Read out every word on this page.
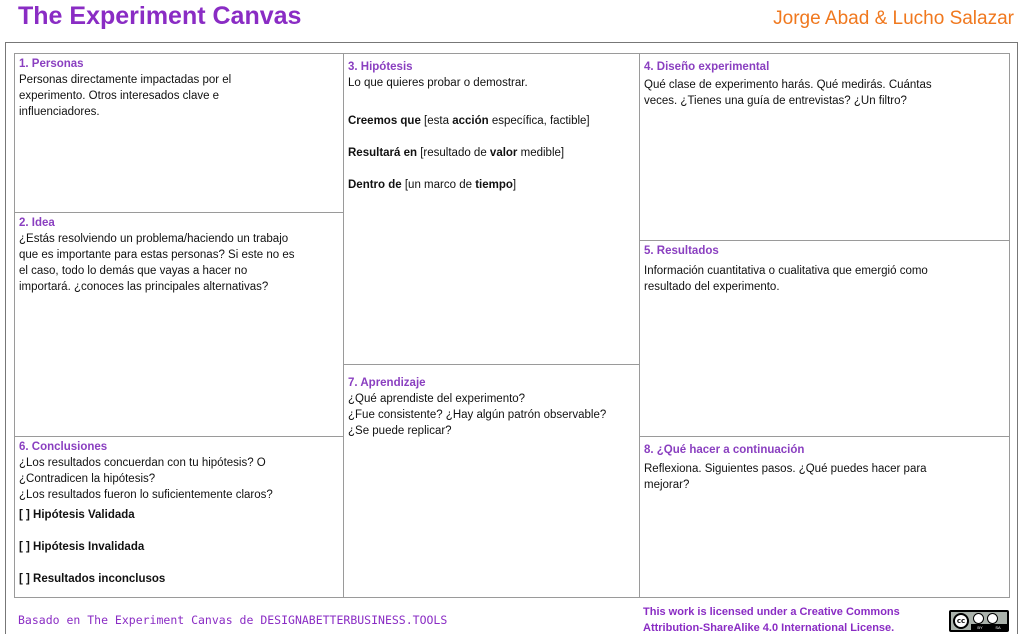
The Experiment Canvas	Jorge Abad & Lucho Salazar
1. Personas
Personas directamente impactadas por el
experimento. Otros interesados clave e
influenciadores.
2. Idea
¿Estás resolviendo un problema/haciendo un trabajo
que es importante para estas personas? Si este no es
el caso, todo lo demás que vayas a hacer no
importará. ¿conoces las principales alternativas?
6. Conclusiones
¿Los resultados concuerdan con tu hipótesis? O
¿Contradicen la hipótesis?
¿Los resultados fueron lo suficientemente claros?
[ ] Hipótesis Validada
[ ] Hipótesis Invalidada
[ ] Resultados inconclusos
3. Hipótesis
Lo que quieres probar o demostrar.
Creemos que [esta acción específica, factible]
Resultará en [resultado de valor medible]
Dentro de [un marco de tiempo]
7. Aprendizaje
¿Qué aprendiste del experimento?
¿Fue consistente? ¿Hay algún patrón observable?
¿Se puede replicar?
4. Diseño experimental
Qué clase de experimento harás. Qué medirás. Cuántas
veces. ¿Tienes una guía de entrevistas? ¿Un filtro?
5. Resultados
Información cuantitativa o cualitativa que emergió como
resultado del experimento.
8. ¿Qué hacer a continuación
Reflexiona. Siguientes pasos. ¿Qué puedes hacer para
mejorar?
Basado en The Experiment Canvas de DESIGNABETTERBUSINESS.TOOLS
This work is licensed under a Creative Commons
Attribution-ShareAlike 4.0 International License.
cc
BY	SA
